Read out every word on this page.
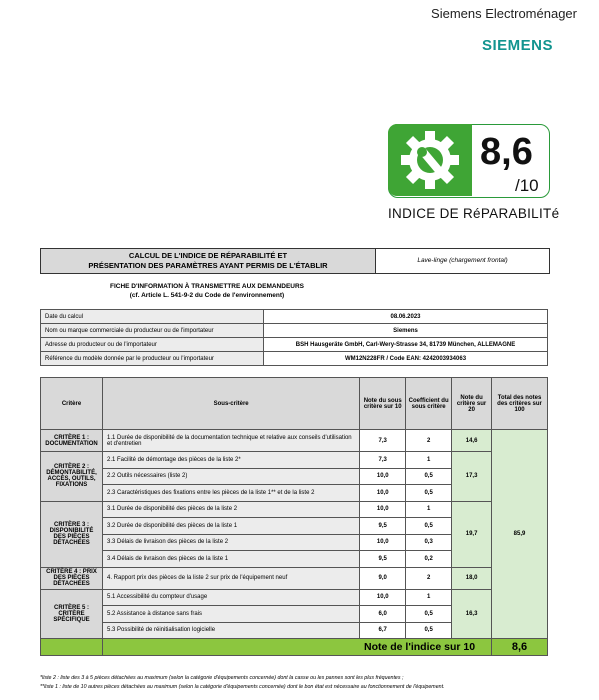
Siemens Electroménager
SIEMENS
8,6
/10
INDICE DE RéPARABILITé
CALCUL DE L'INDICE DE RÉPARABILITÉ ET
PRÉSENTATION DES PARAMÈTRES AYANT PERMIS DE L'ÉTABLIR
Lave-linge (chargement frontal)
FICHE D'INFORMATION À TRANSMETTRE AUX DEMANDEURS
(cf. Article L. 541-9-2 du Code de l'environnement)
Date du calcul	08.06.2023
Nom ou marque commerciale du producteur ou de l'importateur	Siemens
Adresse du producteur ou de l'importateur	BSH Hausgeräte GmbH, Carl-Wery-Strasse 34, 81739 München, ALLEMAGNE
Référence du modèle donnée par le producteur ou l'importateur	WM12N228FR / Code EAN: 4242003934063
Critère	Sous-critère	Note du sous critère sur 10	Coefficient du sous critère	Note du critère sur 20	Total des notes des critères sur 100
CRITÈRE 1 : DOCUMENTATION	1.1 Durée de disponibilité de la documentation technique et relative aux conseils d'utilisation et d'entretien	7,3	2	14,6	85,9
CRITÈRE 2 : DÉMONTABILITÉ, ACCÈS, OUTILS, FIXATIONS	2.1 Facilité de démontage des pièces de la liste 2*	7,3	1	17,3	
	2.2 Outils nécessaires (liste 2)	10,0	0,5		
	2.3 Caractéristiques des fixations entre les pièces de la liste 1** et de la liste 2	10,0	0,5		
CRITÈRE 3 : DISPONIBILITÉ DES PIÈCES DÉTACHÉES	3.1 Durée de disponibilité des pièces de la liste 2	10,0	1	19,7	
	3.2 Durée de disponibilité des pièces de la liste 1	9,5	0,5		
	3.3 Délais de livraison des pièces de la liste 2	10,0	0,3		
	3.4 Délais de livraison des pièces de la liste 1	9,5	0,2		
CRITÈRE 4 : PRIX DES PIÈCES DÉTACHÉES	4. Rapport prix des pièces de la liste 2 sur prix de l'équipement neuf	9,0	2	18,0	
CRITÈRE 5 : CRITÈRE SPÉCIFIQUE	5.1 Accessibilité du compteur d'usage	10,0	1	16,3	
	5.2 Assistance à distance sans frais	6,0	0,5		
	5.3 Possibilité de réinitialisation logicielle	6,7	0,5		
	Note de l'indice sur 10				8,6
*liste 2 : liste des 3 à 5 pièces détachées au maximum (selon la catégorie d'équipements concernée) dont la casse ou les pannes sont les plus fréquentes ;
**liste 1 : liste de 10 autres pièces détachées au maximum (selon la catégorie d'équipements concernée) dont le bon état est nécessaire au fonctionnement de l'équipement.
